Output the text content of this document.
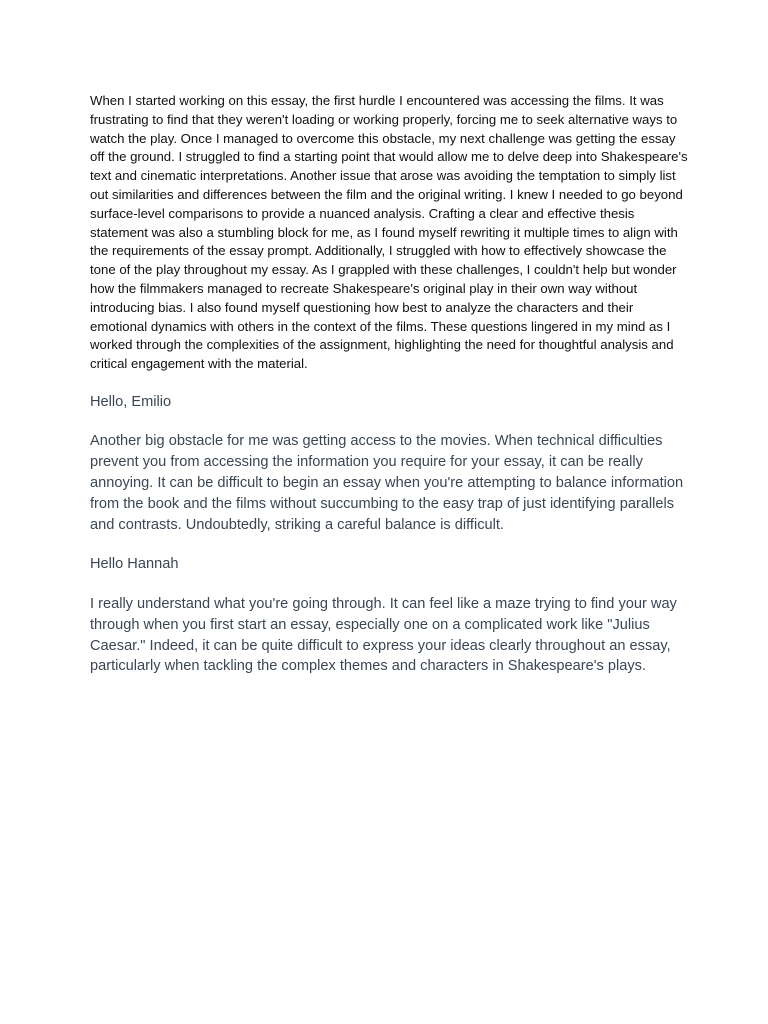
When I started working on this essay, the first hurdle I encountered was accessing the films. It was frustrating to find that they weren't loading or working properly, forcing me to seek alternative ways to watch the play. Once I managed to overcome this obstacle, my next challenge was getting the essay off the ground. I struggled to find a starting point that would allow me to delve deep into Shakespeare's text and cinematic interpretations. Another issue that arose was avoiding the temptation to simply list out similarities and differences between the film and the original writing. I knew I needed to go beyond surface-level comparisons to provide a nuanced analysis. Crafting a clear and effective thesis statement was also a stumbling block for me, as I found myself rewriting it multiple times to align with the requirements of the essay prompt. Additionally, I struggled with how to effectively showcase the tone of the play throughout my essay. As I grappled with these challenges, I couldn't help but wonder how the filmmakers managed to recreate Shakespeare's original play in their own way without introducing bias. I also found myself questioning how best to analyze the characters and their emotional dynamics with others in the context of the films. These questions lingered in my mind as I worked through the complexities of the assignment, highlighting the need for thoughtful analysis and critical engagement with the material.

Hello, Emilio

Another big obstacle for me was getting access to the movies. When technical difficulties prevent you from accessing the information you require for your essay, it can be really annoying. It can be difficult to begin an essay when you're attempting to balance information from the book and the films without succumbing to the easy trap of just identifying parallels and contrasts. Undoubtedly, striking a careful balance is difficult.

Hello Hannah

I really understand what you're going through. It can feel like a maze trying to find your way through when you first start an essay, especially one on a complicated work like "Julius Caesar." Indeed, it can be quite difficult to express your ideas clearly throughout an essay, particularly when tackling the complex themes and characters in Shakespeare's plays.
